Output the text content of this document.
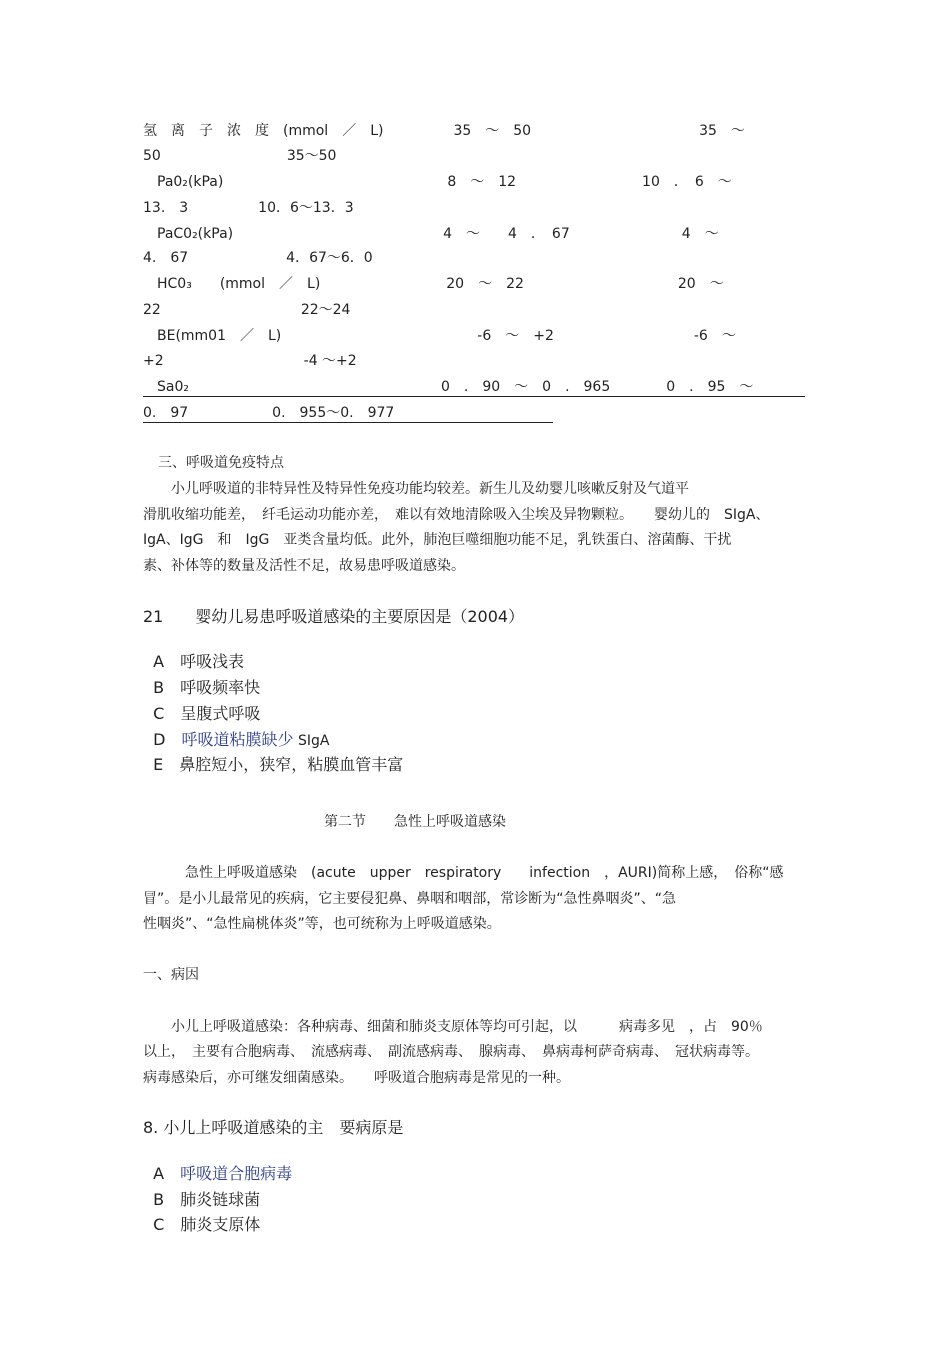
氢　离　子　浓　度　(mmol　／　L)　　　　　35　～　50　　　　　　　　　　　　35　～
50　　　　　　　　　35～50
　Pa0₂(kPa)　　　　　　　　　　　　　　　　8　～　12　　　　　　　　　10　．　6　～
13.　3　　　　　10．6～13．3
　PaC0₂(kPa)　　　　　　　　　　　　　　　4　～　　4　．　67　　　　　　　　4　～
4.　67　　　　　　　4．67～6．0
　HC0₃　　(mmol　／　L)　　　　　　　　　20　～　22　　　　　　　　　　　20　～
22　　　　　　　　　　22～24
　BE(mm01　／　L)　　　　　　　　　　　　　　-6　～　+2　　　　　　　　　　-6　～
+2　　　　　　　　　　-4 ～+2
　Sa0₂　　　　　　　　　　　　　　　　　　0　.　90　～　0　.　965　　　　0　.　95　～
0.　97　　　　　　0.　955～0.　977
三、呼吸道免疫特点
　　小儿呼吸道的非特异性及特异性免疫功能均较差。新生儿及幼婴儿咳嗽反射及气道平
滑肌收缩功能差，　纤毛运动功能亦差，　难以有效地清除吸入尘埃及异物颗粒。　　婴幼儿的　SIgA、
IgA、IgG　和　IgG　亚类含量均低。此外，肺泡巨噬细胞功能不足，乳铁蛋白、溶菌酶、干扰
素、补体等的数量及活性不足，故易患呼吸道感染。
21　　婴幼儿易患呼吸道感染的主要原因是（2004）

A　 呼吸浅表

B　 呼吸频率快

C　 呈腹式呼吸

D　 呼吸道粘膜缺少 SIgA

E　 鼻腔短小，狭窄，粘膜血管丰富

第二节　　急性上呼吸道感染
　　　急性上呼吸道感染　(acute　upper　respiratory　　infection　，AURI)简称上感，　俗称“感
冒”。是小儿最常见的疾病，它主要侵犯鼻、鼻咽和咽部，常诊断为“急性鼻咽炎”、“急
性咽炎”、“急性扁桃体炎”等，也可统称为上呼吸道感染。
一、病因
　　小儿上呼吸道感染：各种病毒、细菌和肺炎支原体等均可引起，以　　　病毒多见　，占　90％
以上，　主要有合胞病毒、　流感病毒、　副流感病毒、　腺病毒、　鼻病毒柯萨奇病毒、　冠状病毒等。
病毒感染后，亦可继发细菌感染。　　呼吸道合胞病毒是常见的一种。
8. 小儿上呼吸道感染的主　要病原是

A　 呼吸道合胞病毒

B　 肺炎链球菌

C　 肺炎支原体
